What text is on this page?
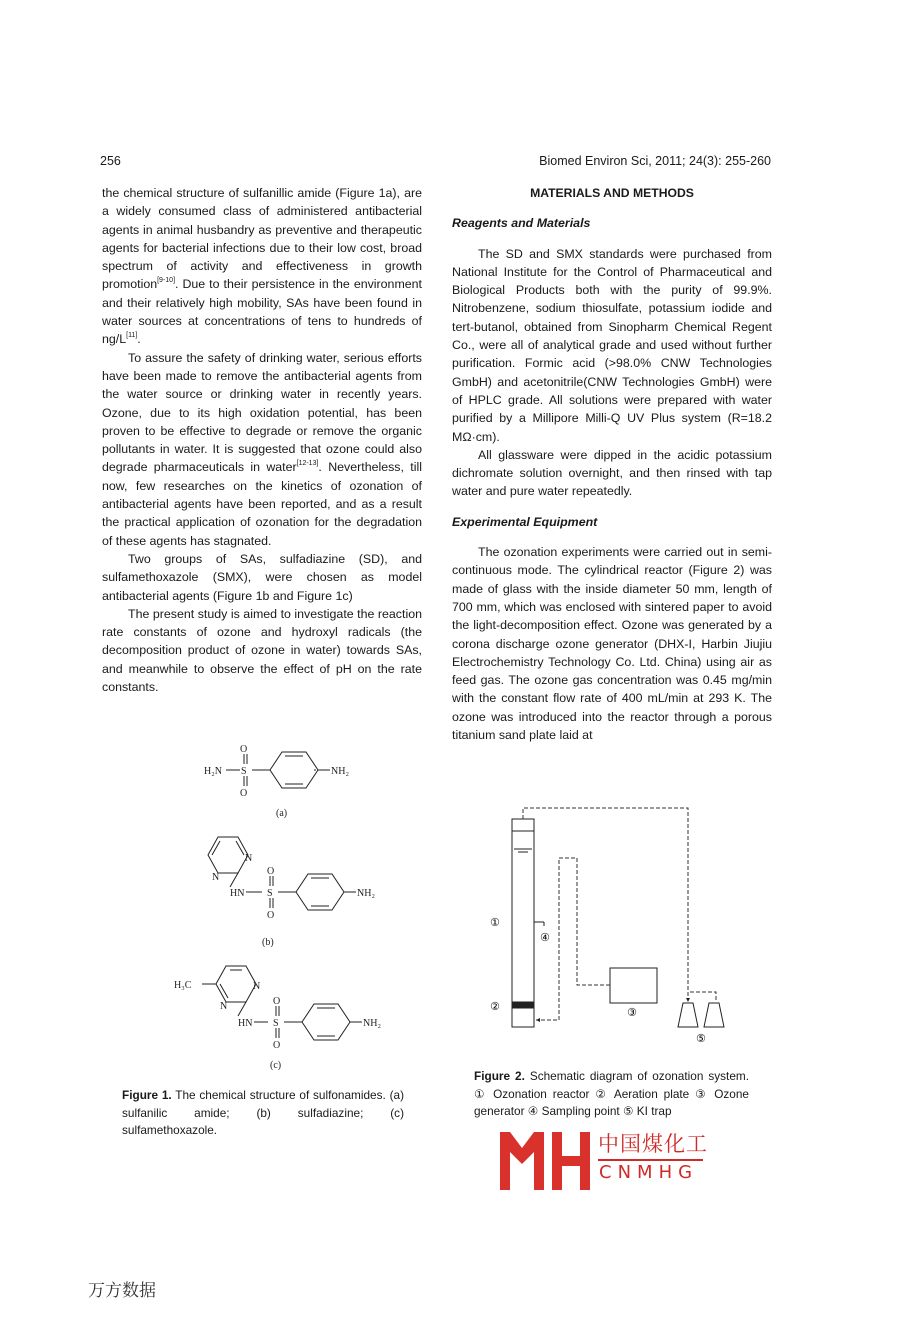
256	Biomed Environ Sci, 2011; 24(3): 255-260

the chemical structure of sulfanillic amide (Figure 1a), are a widely consumed class of administered antibacterial agents in animal husbandry as preventive and therapeutic agents for bacterial infections due to their low cost, broad spectrum of activity and effectiveness in growth promotion[9-10]. Due to their persistence in the environment and their relatively high mobility, SAs have been found in water sources at concentrations of tens to hundreds of ng/L[11].

To assure the safety of drinking water, serious efforts have been made to remove the antibacterial agents from the water source or drinking water in recently years. Ozone, due to its high oxidation potential, has been proven to be effective to degrade or remove the organic pollutants in water. It is suggested that ozone could also degrade pharmaceuticals in water[12-13]. Nevertheless, till now, few researches on the kinetics of ozonation of antibacterial agents have been reported, and as a result the practical application of ozonation for the degradation of these agents has stagnated.

Two groups of SAs, sulfadiazine (SD), and sulfamethoxazole (SMX), were chosen as model antibacterial agents (Figure 1b and Figure 1c)

The present study is aimed to investigate the reaction rate constants of ozone and hydroxyl radicals (the decomposition product of ozone in water) towards SAs, and meanwhile to observe the effect of pH on the rate constants.

MATERIALS AND METHODS
Reagents and Materials

The SD and SMX standards were purchased from National Institute for the Control of Pharmaceutical and Biological Products both with the purity of 99.9%. Nitrobenzene, sodium thiosulfate, potassium iodide and tert-butanol, obtained from Sinopharm Chemical Regent Co., were all of analytical grade and used without further purification. Formic acid (>98.0% CNW Technologies GmbH) and acetonitrile(CNW Technologies GmbH) were of HPLC grade. All solutions were prepared with water purified by a Millipore Milli-Q UV Plus system (R=18.2 MΩ·cm).

All glassware were dipped in the acidic potassium dichromate solution overnight, and then rinsed with tap water and pure water repeatedly.

Experimental Equipment

The ozonation experiments were carried out in semi-continuous mode. The cylindrical reactor (Figure 2) was made of glass with the inside diameter 50 mm, length of 700 mm, which was enclosed with sintered paper to avoid the light-decomposition effect. Ozone was generated by a corona discharge ozone generator (DHX-I, Harbin Jiujiu Electrochemistry Technology Co. Ltd. China) using air as feed gas. The ozone gas concentration was 0.45 mg/min with the constant flow rate of 400 mL/min at 293 K. The ozone was introduced into the reactor through a porous titanium sand plate laid at

O
H₂N S
O
NH₂
(a)
N
N
O
HN S
O
NH₂
(b)
H₃C	N
N	O
HN S
O
NH₂
(c)
Figure 1. The chemical structure of sulfonamides. (a) sulfanilic amide; (b) sulfadiazine; (c) sulfamethoxazole.
①
②	③
④
⑤
Figure 2. Schematic diagram of ozonation system. ① Ozonation reactor ② Aeration plate ③ Ozone generator ④ Sampling point ⑤ KI trap
中国煤化工
CNMHG
万方数据
